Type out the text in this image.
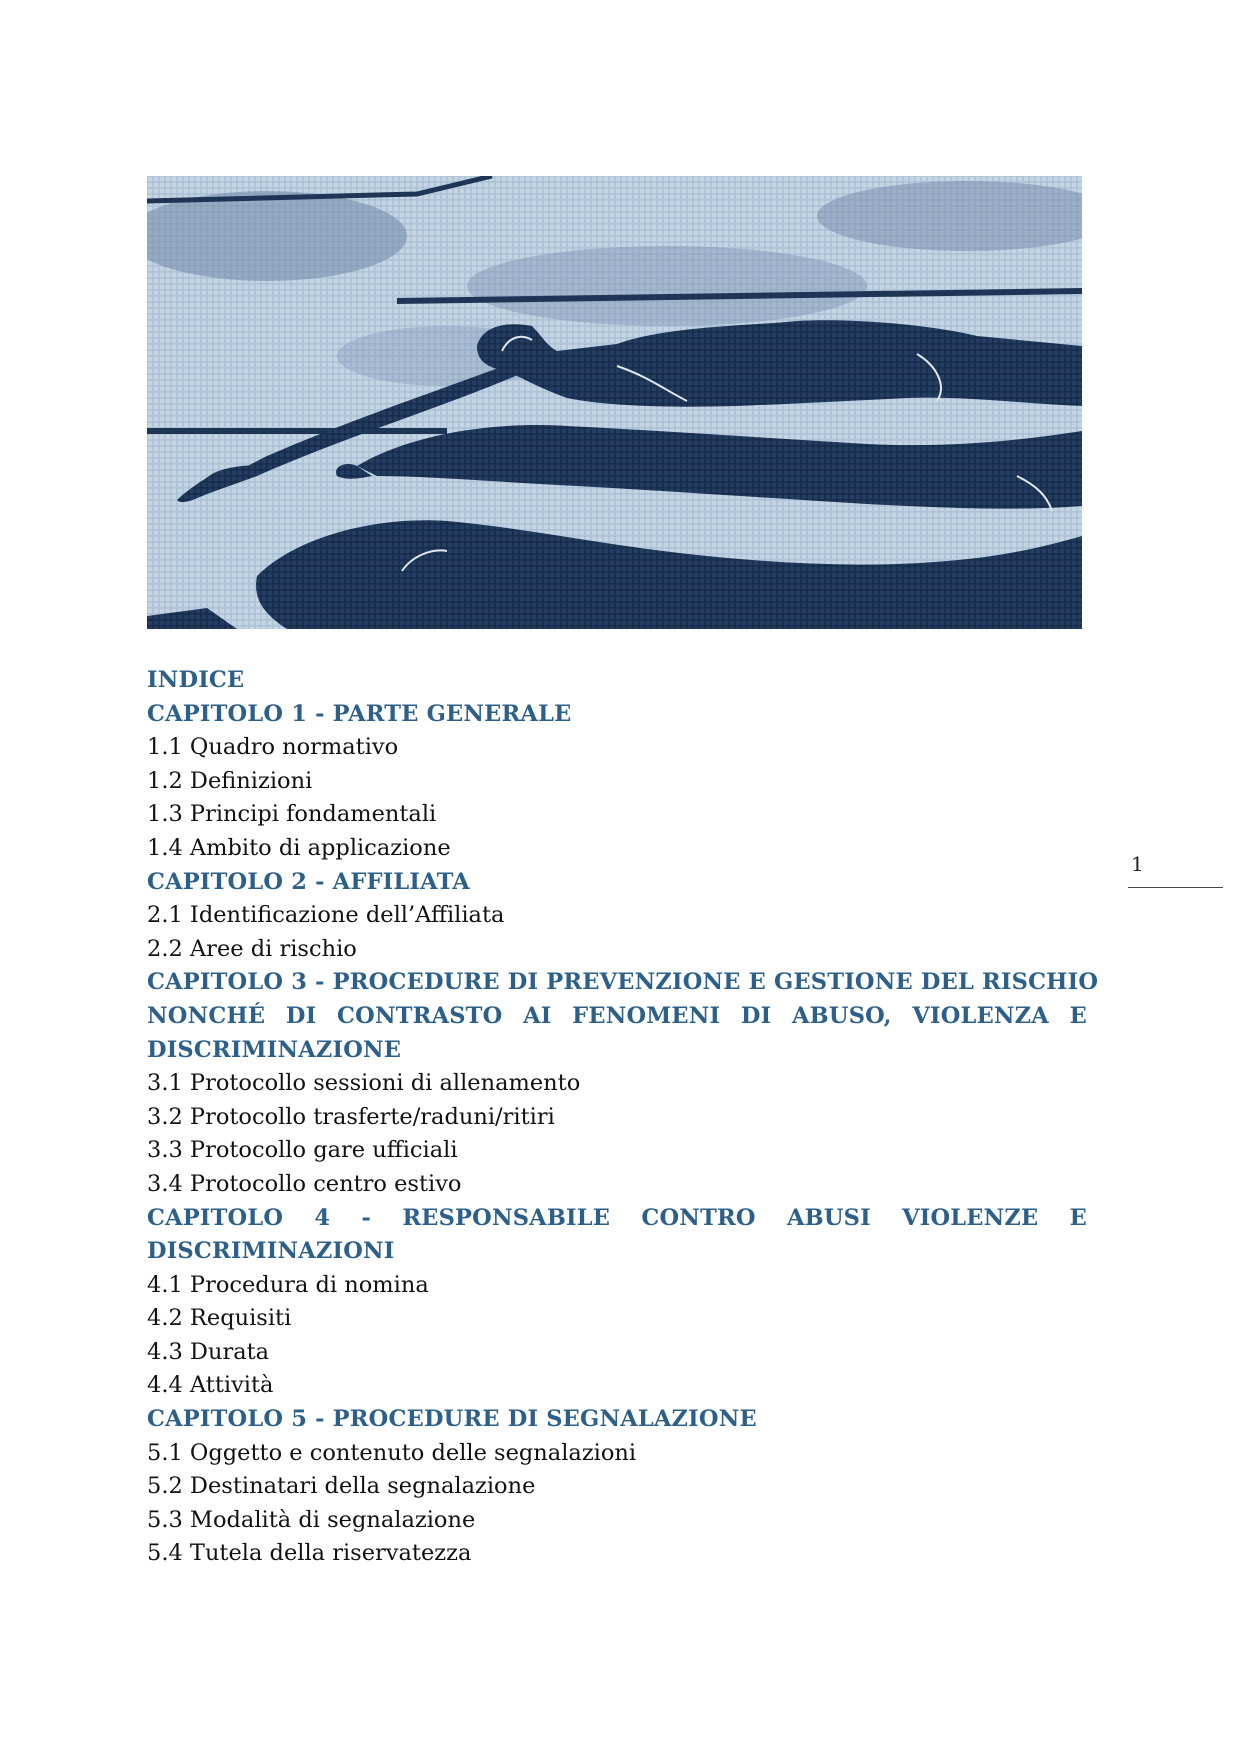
INDICE
CAPITOLO 1 - PARTE GENERALE
1.1 Quadro normativo
1.2 Definizioni
1.3 Principi fondamentali
1.4 Ambito di applicazione
CAPITOLO 2 - AFFILIATA
2.1 Identificazione dell’Affiliata
2.2 Aree di rischio
CAPITOLO 3 - PROCEDURE DI PREVENZIONE E GESTIONE DEL RISCHIO
NONCHÉ DI CONTRASTO AI FENOMENI DI ABUSO, VIOLENZA E
DISCRIMINAZIONE
3.1 Protocollo sessioni di allenamento
3.2 Protocollo trasferte/raduni/ritiri
3.3 Protocollo gare ufficiali
3.4 Protocollo centro estivo
CAPITOLO 4 - RESPONSABILE CONTRO ABUSI VIOLENZE E
DISCRIMINAZIONI
4.1 Procedura di nomina
4.2 Requisiti
4.3 Durata
4.4 Attività
CAPITOLO 5 - PROCEDURE DI SEGNALAZIONE
5.1 Oggetto e contenuto delle segnalazioni
5.2 Destinatari della segnalazione
5.3 Modalità di segnalazione
5.4 Tutela della riservatezza
1
